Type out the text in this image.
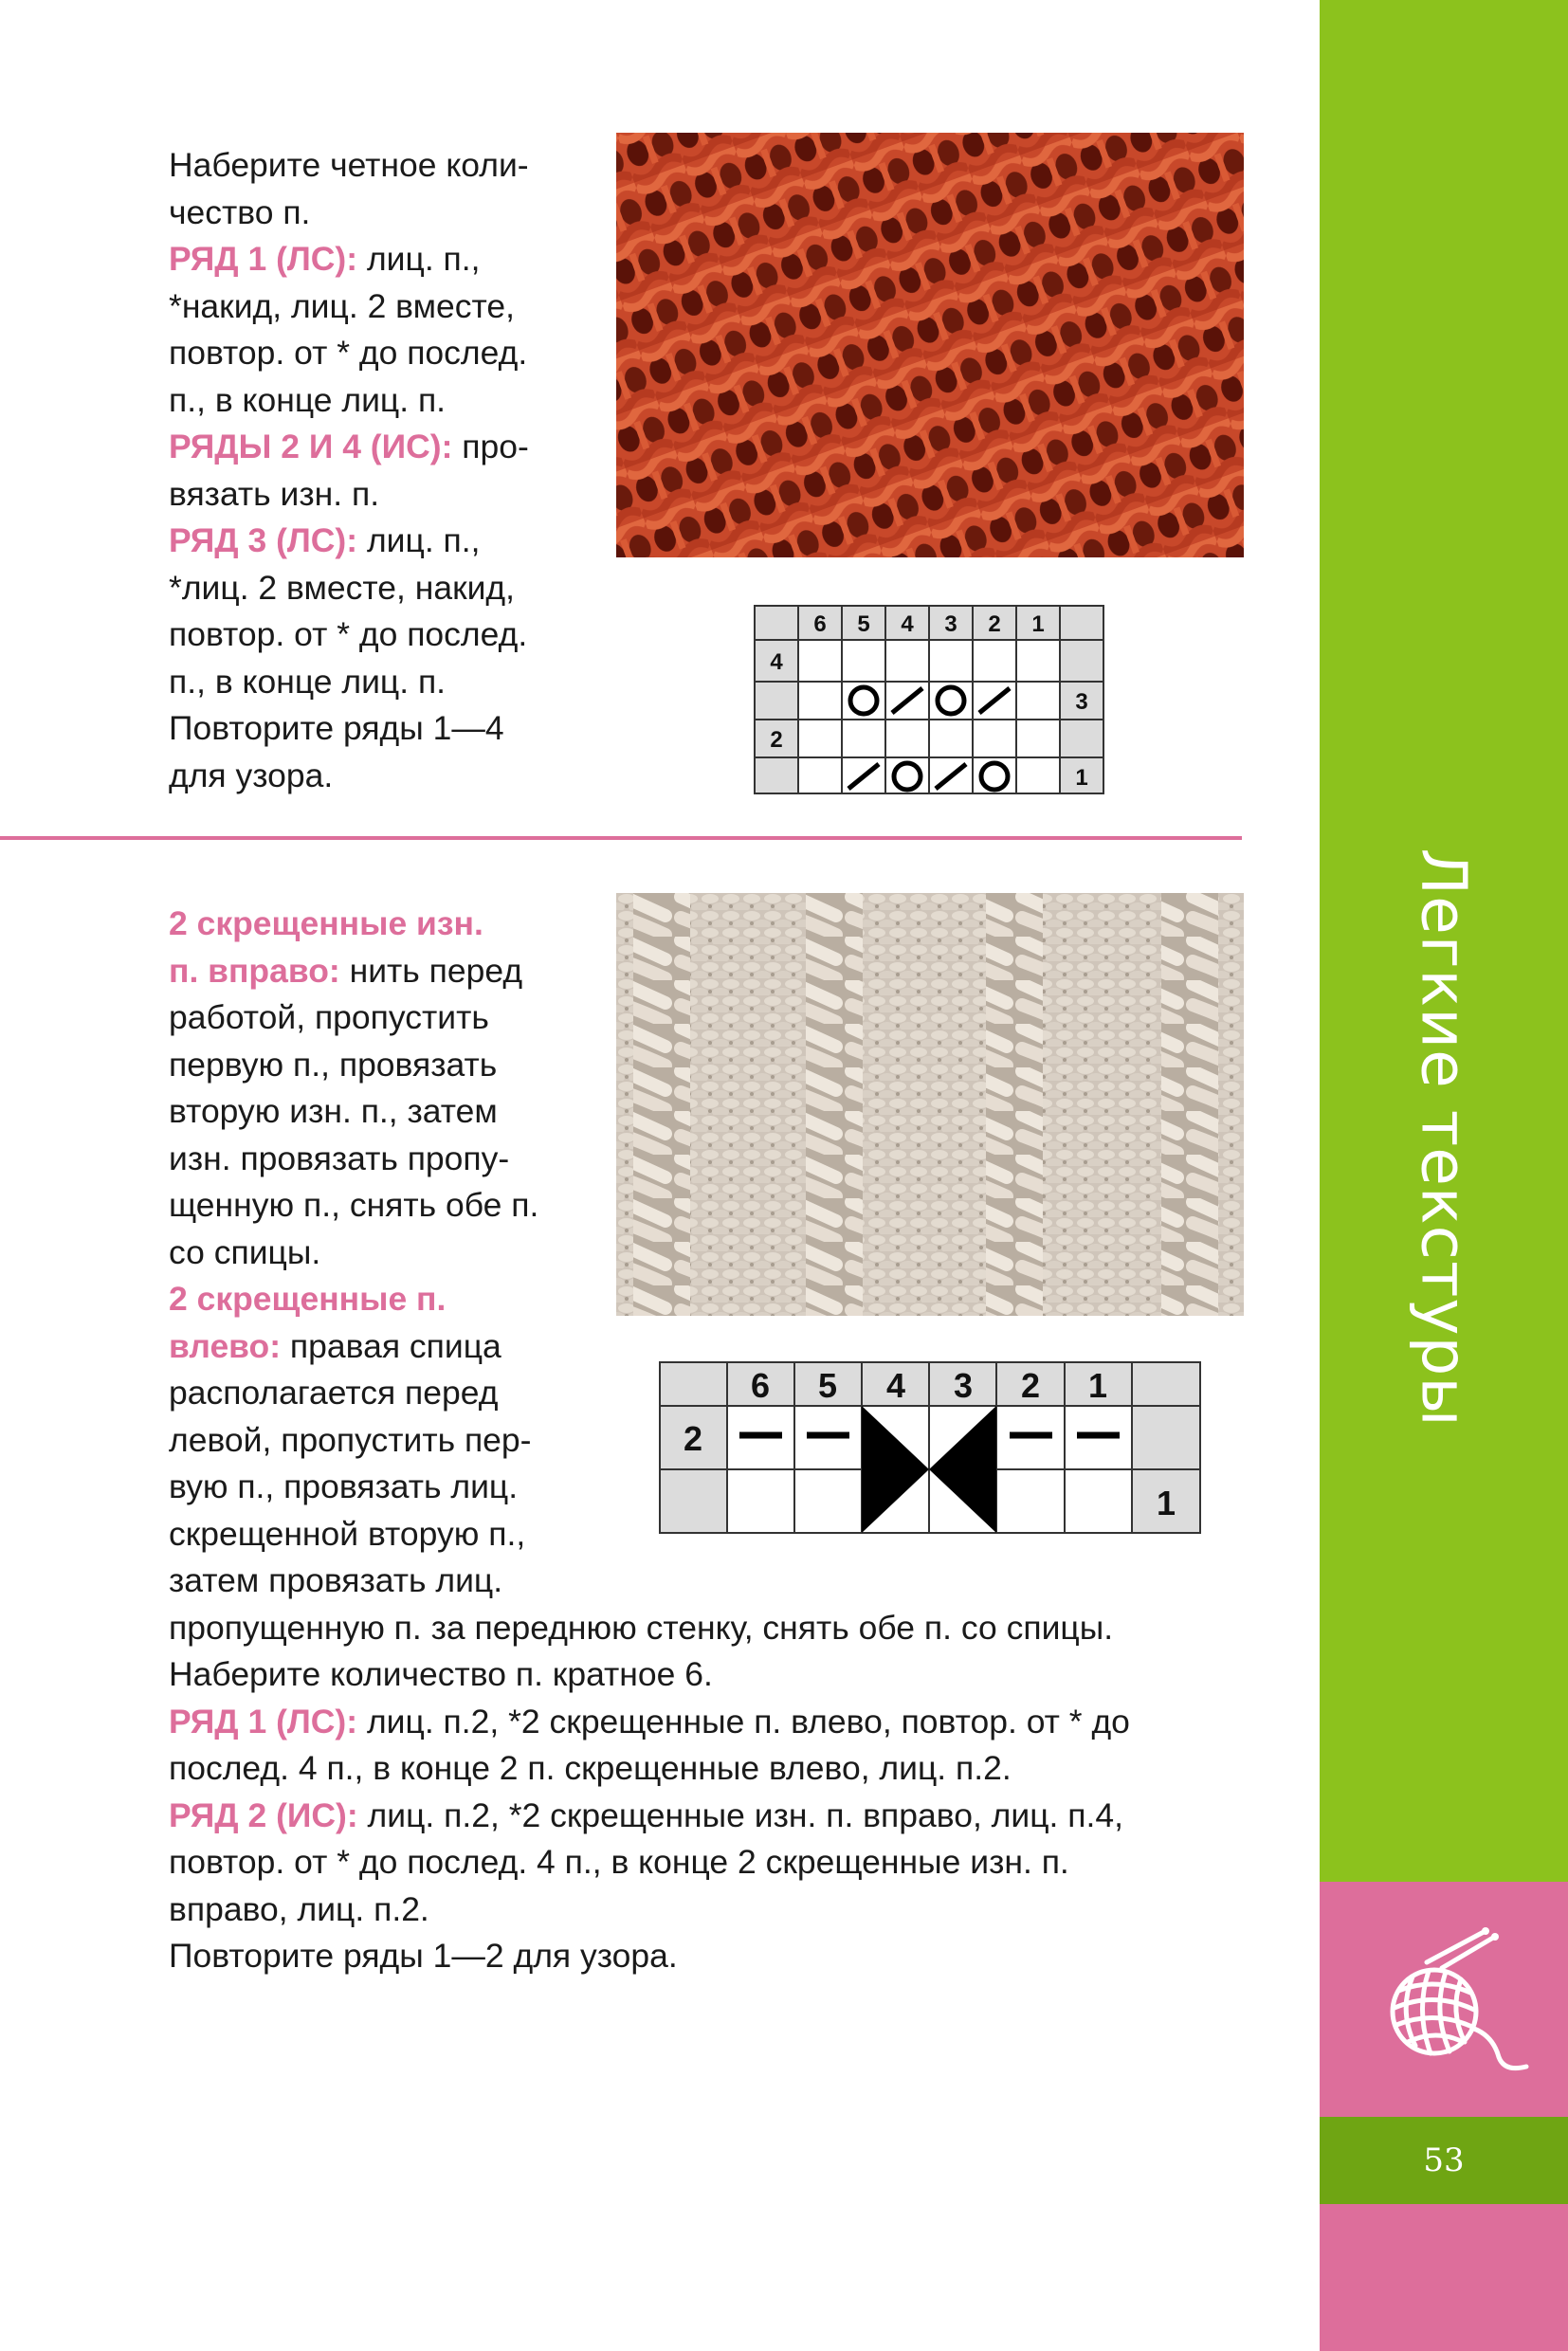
Легкие текстуры
53

Наберите четное коли-

чество п.

РЯД 1 (ЛС): лиц. п.,

*накид, лиц. 2 вместе,

повтор. от * до послед.

п., в конце лиц. п.

РЯДЫ 2 И 4 (ИС): про-

вязать изн. п.

РЯД 3 (ЛС): лиц. п.,

*лиц. 2 вместе, накид,

повтор. от * до послед.

п., в конце лиц. п.

Повторите ряды 1—4

для узора.

6 5 4 3 2 1
4
3
2
1
6 5 4 3 2 1
2
1

2 скрещенные изн.

п. вправо: нить перед

работой, пропустить

первую п., провязать

вторую изн. п., затем

изн. провязать пропу-

щенную п., снять обе п.

со спицы.

2 скрещенные п.

влево: правая спица

располагается перед

левой, пропустить пер-

вую п., провязать лиц.

скрещенной вторую п.,

затем провязать лиц.

пропущенную п. за переднюю стенку, снять обе п. со спицы.

Наберите количество п. кратное 6.

РЯД 1 (ЛС): лиц. п.2, *2 скрещенные п. влево, повтор. от * до

послед. 4 п., в конце 2 п. скрещенные влево, лиц. п.2.

РЯД 2 (ИС): лиц. п.2, *2 скрещенные изн. п. вправо, лиц. п.4,

повтор. от * до послед. 4 п., в конце 2 скрещенные изн. п.

вправо, лиц. п.2.

Повторите ряды 1—2 для узора.
